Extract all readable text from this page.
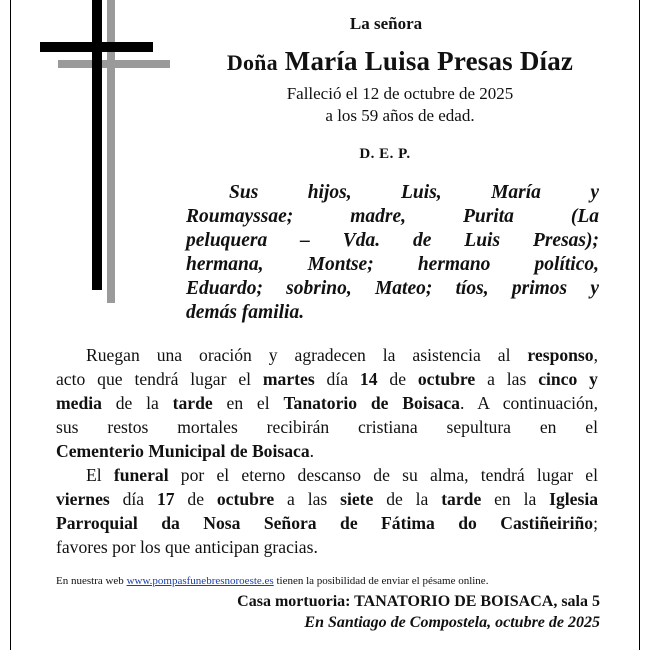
La señora
Doña María Luisa Presas Díaz
Falleció el 12 de octubre de 2025
a los 59 años de edad.
D. E. P.
Sus hijos, Luis, María y
Roumayssae; madre, Purita (La
peluquera – Vda. de Luis Presas);
hermana, Montse; hermano político,
Eduardo; sobrino, Mateo; tíos, primos y
demás familia.
Ruegan una oración y agradecen la asistencia al responso,
acto que tendrá lugar el martes día 14 de octubre a las cinco y
media de la tarde en el Tanatorio de Boisaca. A continuación,
sus restos mortales recibirán cristiana sepultura en el
Cementerio Municipal de Boisaca.
El funeral por el eterno descanso de su alma, tendrá lugar el
viernes día 17 de octubre a las siete de la tarde en la Iglesia
Parroquial da Nosa Señora de Fátima do Castiñeiriño;
favores por los que anticipan gracias.
En nuestra web www.pompasfunebresnoroeste.es tienen la posibilidad de enviar el pésame online.
Casa mortuoria: TANATORIO DE BOISACA, sala 5
En Santiago de Compostela, octubre de 2025
